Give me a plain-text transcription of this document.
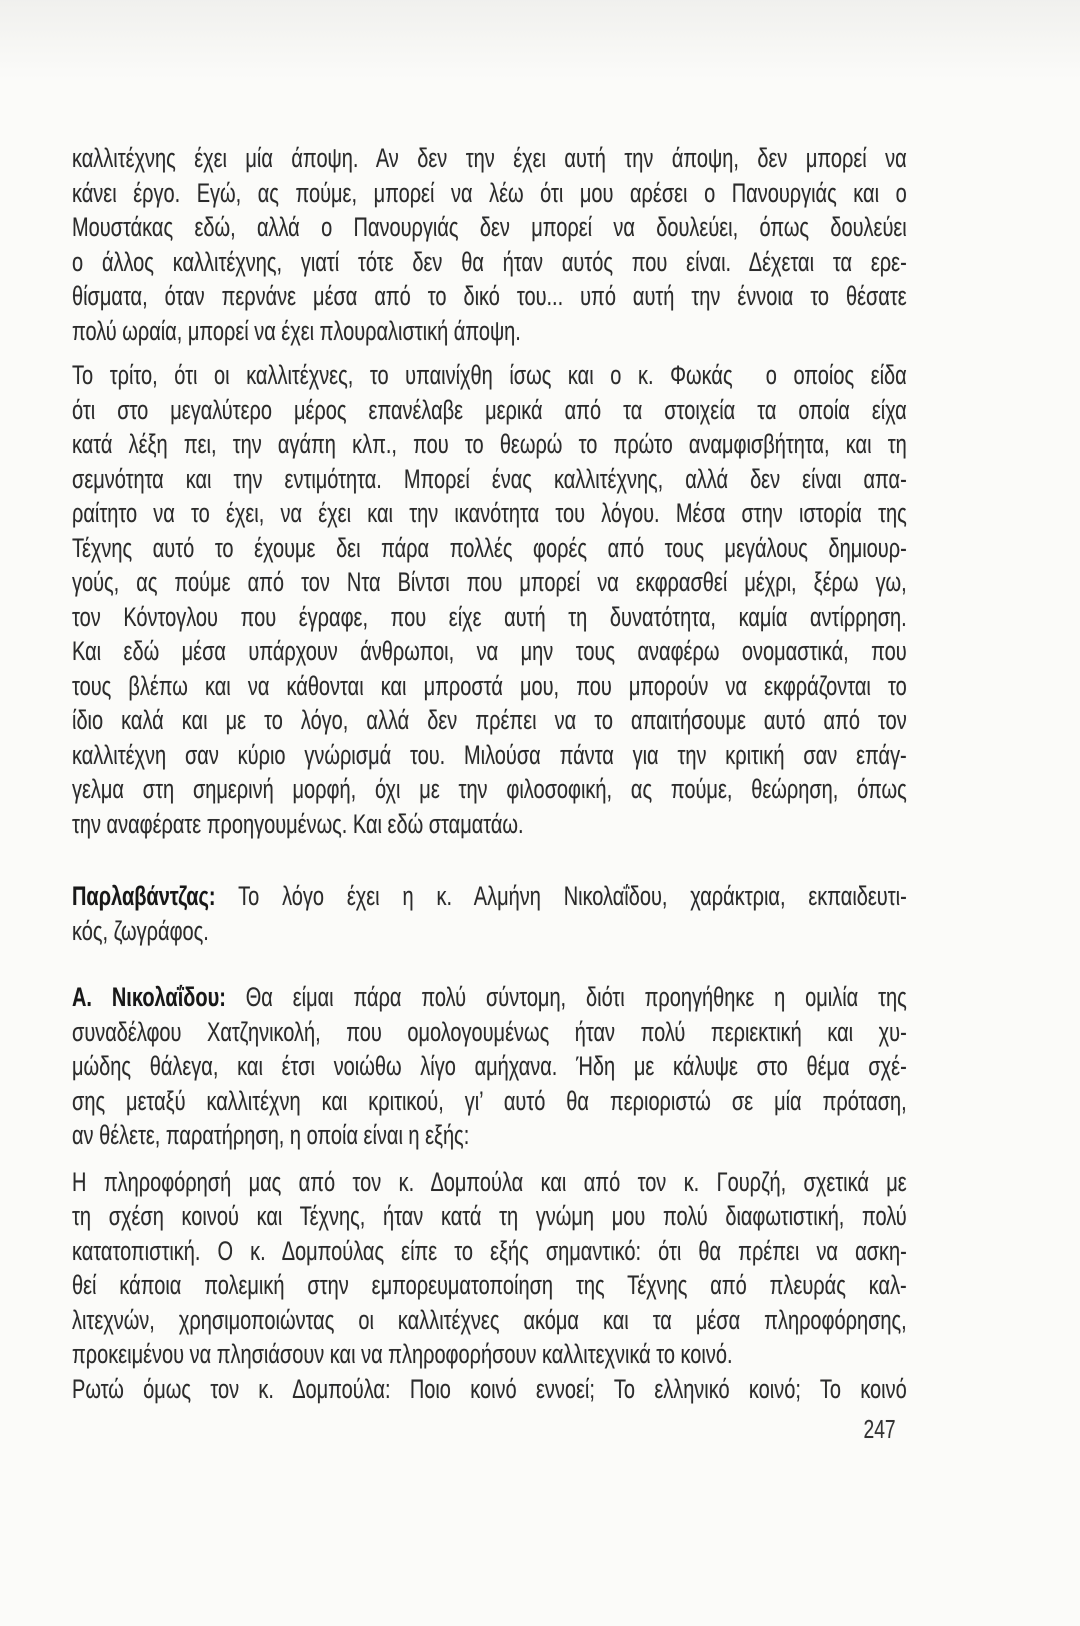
καλλιτέχνης έχει μία άποψη. Αν δεν την έχει αυτή την άποψη, δεν μπορεί να
κάνει έργο. Εγώ, ας πούμε, μπορεί να λέω ότι μου αρέσει ο Πανουργιάς και ο
Μουστάκας εδώ, αλλά ο Πανουργιάς δεν μπορεί να δουλεύει, όπως δουλεύει
ο άλλος καλλιτέχνης, γιατί τότε δεν θα ήταν αυτός που είναι. Δέχεται τα ερε-
θίσματα, όταν περνάνε μέσα από το δικό του... υπό αυτή την έννοια το θέσατε
πολύ ωραία, μπορεί να έχει πλουραλιστική άποψη.
Το τρίτο, ότι οι καλλιτέχνες, το υπαινίχθη ίσως και ο κ. Φωκάς  ο οποίος είδα
ότι στο μεγαλύτερο μέρος επανέλαβε μερικά από τα στοιχεία τα οποία είχα
κατά λέξη πει, την αγάπη κλπ., που το θεωρώ το πρώτο αναμφισβήτητα, και τη
σεμνότητα και την εντιμότητα. Μπορεί ένας καλλιτέχνης, αλλά δεν είναι απα-
ραίτητο να το έχει, να έχει και την ικανότητα του λόγου. Μέσα στην ιστορία της
Τέχνης αυτό το έχουμε δει πάρα πολλές φορές από τους μεγάλους δημιουρ-
γούς, ας πούμε από τον Ντα Βίντσι που μπορεί να εκφρασθεί μέχρι, ξέρω γω,
τον Κόντογλου που έγραφε, που είχε αυτή τη δυνατότητα, καμία αντίρρηση.
Και εδώ μέσα υπάρχουν άνθρωποι, να μην τους αναφέρω ονομαστικά, που
τους βλέπω και να κάθονται και μπροστά μου, που μπορούν να εκφράζονται το
ίδιο καλά και με το λόγο, αλλά δεν πρέπει να το απαιτήσουμε αυτό από τον
καλλιτέχνη σαν κύριο γνώρισμά του. Μιλούσα πάντα για την κριτική σαν επάγ-
γελμα στη σημερινή μορφή, όχι με την φιλοσοφική, ας πούμε, θεώρηση, όπως
την αναφέρατε προηγουμένως. Και εδώ σταματάω.
Παρλαβάντζας: Το λόγο έχει η κ. Αλμήνη Νικολαΐδου, χαράκτρια, εκπαιδευτι-
κός, ζωγράφος.
Α. Νικολαΐδου: Θα είμαι πάρα πολύ σύντομη, διότι προηγήθηκε η ομιλία της
συναδέλφου Χατζηνικολή, που ομολογουμένως ήταν πολύ περιεκτική και χυ-
μώδης θάλεγα, και έτσι νοιώθω λίγο αμήχανα. Ήδη με κάλυψε στο θέμα σχέ-
σης μεταξύ καλλιτέχνη και κριτικού, γι’ αυτό θα περιοριστώ σε μία πρόταση,
αν θέλετε, παρατήρηση, η οποία είναι η εξής:
Η πληροφόρησή μας από τον κ. Δομπούλα και από τον κ. Γουρζή, σχετικά με
τη σχέση κοινού και Τέχνης, ήταν κατά τη γνώμη μου πολύ διαφωτιστική, πολύ
κατατοπιστική. Ο κ. Δομπούλας είπε το εξής σημαντικό: ότι θα πρέπει να ασκη-
θεί κάποια πολεμική στην εμπορευματοποίηση της Τέχνης από πλευράς καλ-
λιτεχνών, χρησιμοποιώντας οι καλλιτέχνες ακόμα και τα μέσα πληροφόρησης,
προκειμένου να πλησιάσουν και να πληροφορήσουν καλλιτεχνικά το κοινό.
Ρωτώ όμως τον κ. Δομπούλα: Ποιο κοινό εννοεί; Το ελληνικό κοινό; Το κοινό
247
